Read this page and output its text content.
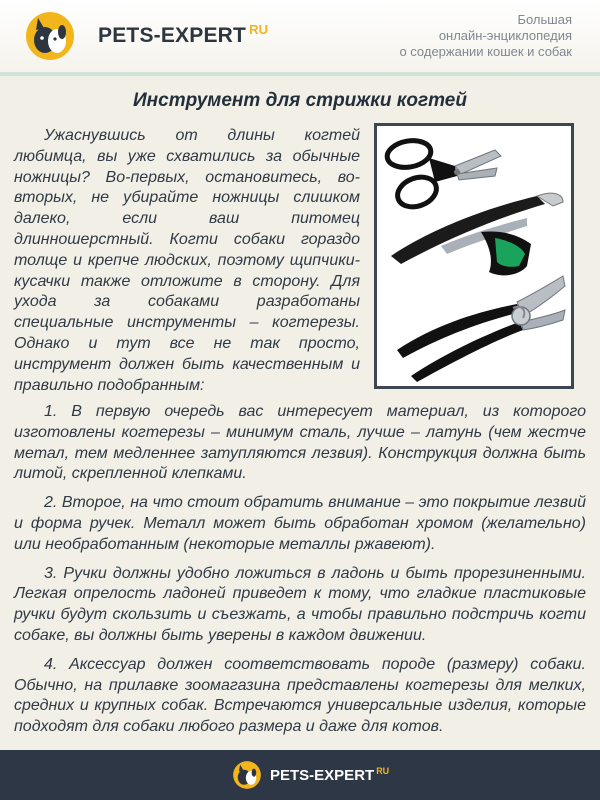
PETS-EXPERT $^{RU}$
Большая
онлайн-энциклопедия
о содержании кошек и собак
Инструмент для стрижки когтей

Ужаснувшись от длины когтей любимца, вы уже схватились за обычные ножницы? Во-первых, остановитесь, во-вторых, не убирайте ножницы слишком далеко, если ваш питомец длинношерстный. Когти собаки гораздо толще и крепче людских, поэтому щипчики-кусачки также отложите в сторону. Для ухода за собаками разработаны специальные инструменты – когтерезы. Однако и тут все не так просто, инструмент должен быть качественным и правильно подобранным:

1. В первую очередь вас интересует материал, из которого изготовлены когтерезы – минимум сталь, лучше – латунь (чем жестче метал, тем медленнее затупляются лезвия). Конструкция должна быть литой, скрепленной клепками.

2. Второе, на что стоит обратить внимание – это покрытие лезвий и форма ручек. Металл может быть обработан хромом (желательно) или необработанным (некоторые металлы ржавеют).

3. Ручки должны удобно ложиться в ладонь и быть прорезиненными. Легкая опрелость ладоней приведет к тому, что гладкие пластиковые ручки будут скользить и съезжать, а чтобы правильно подстричь когти собаке, вы должны быть уверены в каждом движении.

4. Аксессуар должен соответствовать породе (размеру) собаки. Обычно, на прилавке зоомагазина представлены когтерезы для мелких, средних и крупных собак. Встречаются универсальные изделия, которые подходят для собаки любого размера и даже для котов.

PETS-EXPERT $^{RU}$
